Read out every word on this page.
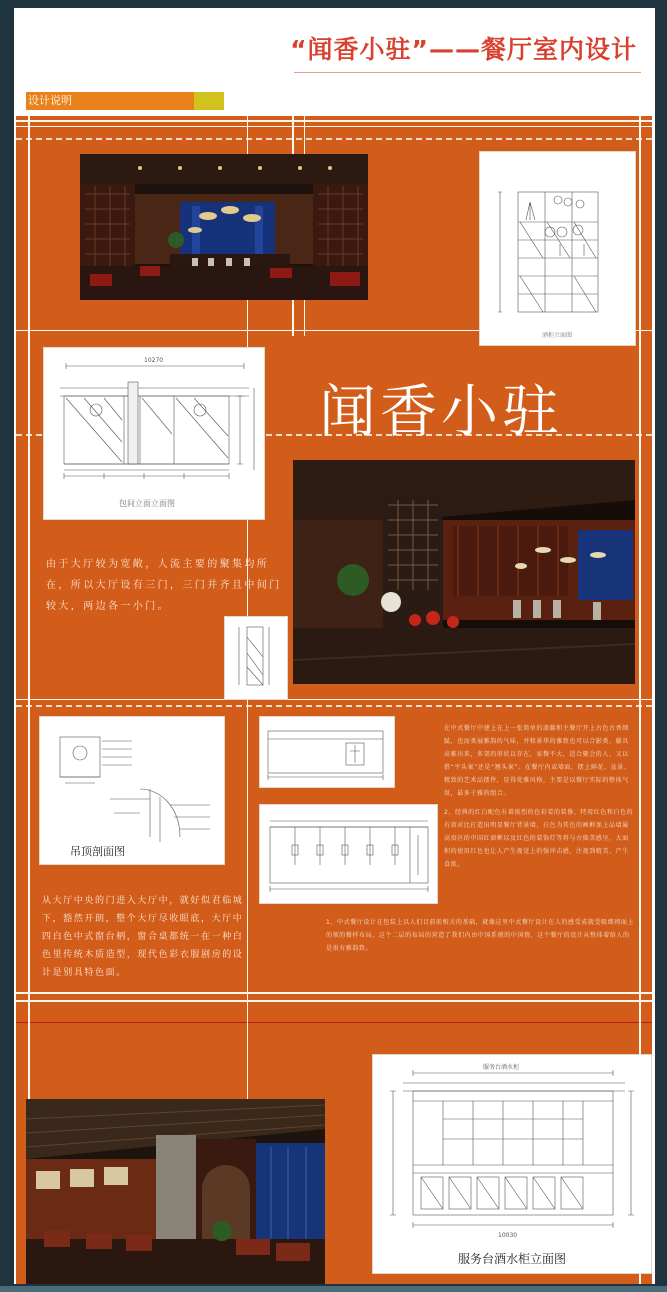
“闻香小驻”——餐厅室内设计
设计说明
酒柜立面图
10270
包间立面立面图
闻香小驻
由于大厅较为宽敞，人流主要的聚集均所在，所以大厅设有三门，三门并齐且中间门较大，两边各一小门。
吊顶剖面图
在中式餐厅中建上在上一张简单的漆藤和主餐厅开上古色古香细腻，也而类展雅韵的气味，并和景华的雅致也可以合影类，藤具高雅出来，多架的形状以存在，家餐不大，适合聚会的人，又以搭“平头案”还是“翘头案”。在餐厅内或墙面，摆上鲜花、盆景、精致的艺术品摆件，显得优雅风格，主要是以餐厅实际的整体气氛，最多于雅的组合。
2、经典的红白配色有着浓烈的色彩看的装修，特用红色和白色的有效对比打造出明显餐厅背景墙，白色为其色的画框加上品墙属高贵区的中国红窗框以及红色的装饰灯等将与古拙美感呈，大面积的使用红色也让人产生视觉上的强冲击感，注视到精美、产生食欲。
1、中式餐厅设计在包装上以人们目前前相关的基础，就像这里中式餐厅设计在人的感受成就受吸细则面上的领的餐样布局，这个二层的布局的营造了我们内由中国系统的中国情，这个餐厅的设计从整体着给人的是很有雅韵致。
从大厅中央的门进入大厅中，就好似君临城下，豁然开朗，整个大厅尽收眼底，大厅中四白色中式窗台柄，窗合桌都统一在一种白色里传统木质造型，现代色彩衣服剧房的设计是别具特色面。
服务台酒水柜
10030
服务台酒水柜立面图
